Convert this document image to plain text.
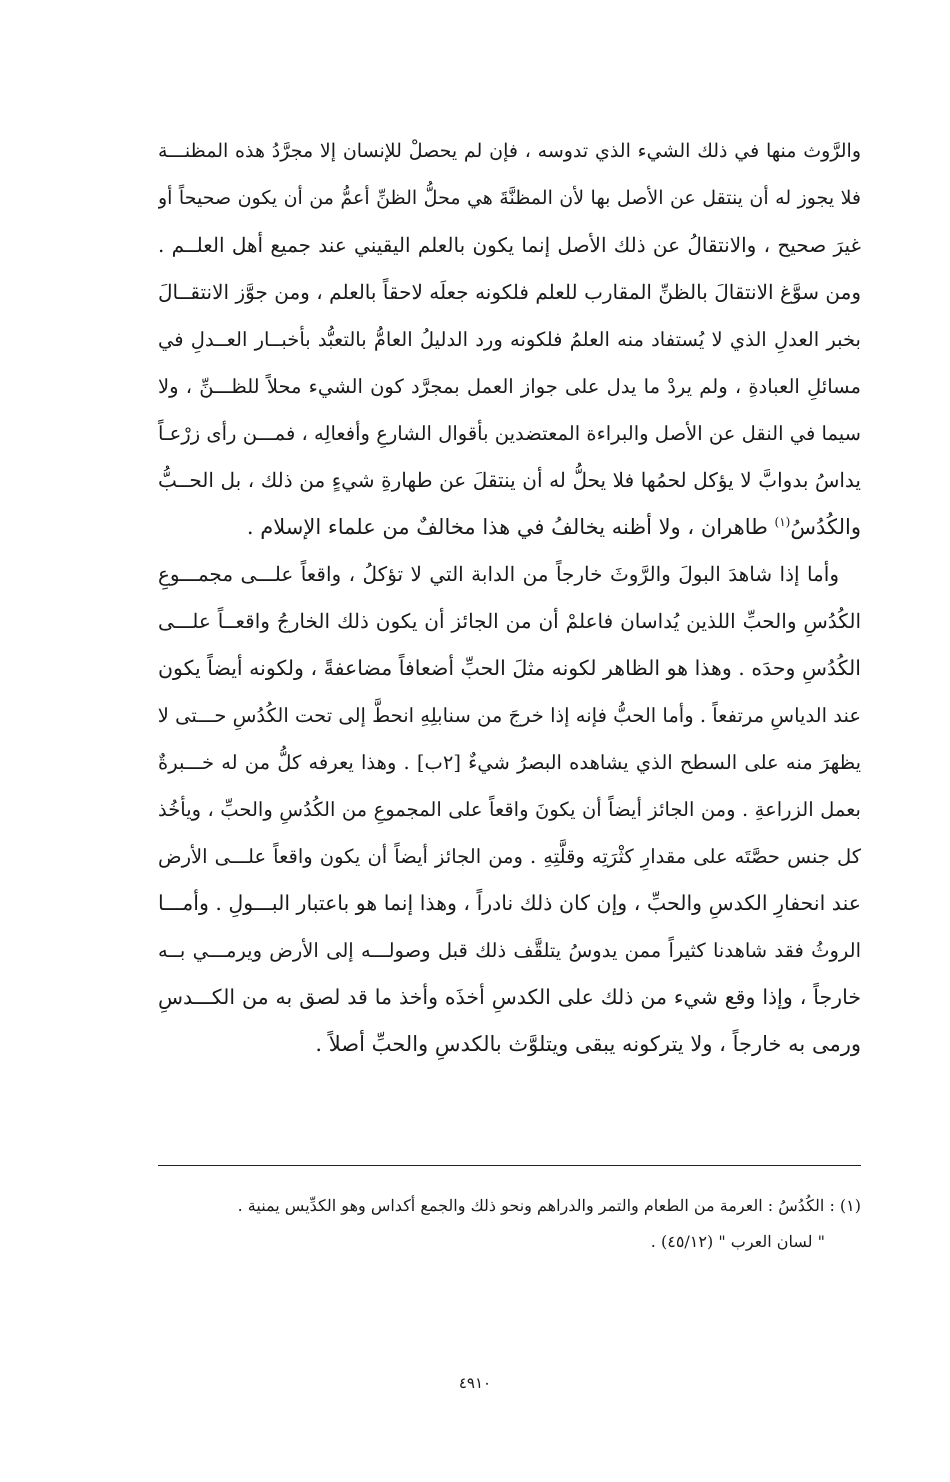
والرَّوث منها في ذلك الشيء الذي تدوسه ، فإن لم يحصلْ للإنسان إلا مجرَّدُ هذه المظنـــة
فلا يجوز له أن ينتقل عن الأصل بها لأن المظنَّةَ هي محلُّ الظنِّ أعمُّ من أن يكون صحيحاً أو
غيرَ صحيح ، والانتقالُ عن ذلك الأصل إنما يكون بالعلم اليقيني عند جميع أهل العلــم .
ومن سوَّغ الانتقالَ بالظنِّ المقارب للعلم فلكونه جعلَه لاحقاً بالعلم ، ومن جوَّز الانتقــالَ
بخبر العدلِ الذي لا يُستفاد منه العلمُ فلكونه ورد الدليلُ العامُّ بالتعبُّد بأخبــار العــدلِ في
مسائلِ العبادةِ ، ولم يردْ ما يدل على جواز العمل بمجرَّد كون الشيء محلاً للظـــنِّ ، ولا
سيما في النقل عن الأصل والبراءة المعتضدين بأقوال الشارعِ وأفعالِه ، فمـــن رأى زرْعـاً
يداسُ بدوابَّ لا يؤكل لحمُها فلا يحلُّ له أن ينتقلَ عن طهارةِ شيءٍ من ذلك ، بل الحــبُّ
والكُدُسُ$^{(١)}$ طاهران ، ولا أظنه يخالفُ في هذا مخالفٌ من علماء الإسلام .
وأما إذا شاهدَ البولَ والرَّوثَ خارجاً من الدابة التي لا تؤكلُ ، واقعاً علـــى مجمـــوعِ
الكُدُسِ والحبِّ اللذين يُداسان فاعلمْ أن من الجائز أن يكون ذلك الخارجُ واقعــاً علـــى
الكُدُسِ وحدَه . وهذا هو الظاهر لكونه مثلَ الحبِّ أضعافاً مضاعفةً ، ولكونه أيضاً يكون
عند الدياسِ مرتفعاً . وأما الحبُّ فإنه إذا خرجَ من سنابلِهِ انحطَّ إلى تحت الكُدُسِ حـــتى لا
يظهرَ منه على السطح الذي يشاهده البصرُ شيءٌ [٢ب] . وهذا يعرفه كلُّ من له خـــبرةٌ
بعمل الزراعةِ . ومن الجائز أيضاً أن يكونَ واقعاً على المجموعِ من الكُدُسِ والحبِّ ، ويأخُذ
كل جنس حصَّتَه على مقدارِ كثْرَتِه وقلَّتِهِ . ومن الجائز أيضاً أن يكون واقعاً علـــى الأرض
عند انحفارِ الكدسِ والحبِّ ، وإن كان ذلك نادراً ، وهذا إنما هو باعتبار البـــولِ . وأمـــا
الروثُ فقد شاهدنا كثيراً ممن يدوسُ يتلقَّف ذلك قبل وصولـــه إلى الأرض ويرمـــي بــه
خارجاً ، وإذا وقع شيء من ذلك على الكدسِ أخذَه وأخذ ما قد لصق به من الكـــدسِ
ورمى به خارجاً ، ولا يتركونه يبقى ويتلوَّث بالكدسِ والحبِّ أصلاً .
(١) : الكُدُسُ : العرمة من الطعام والتمر والدراهم ونحو ذلك والجمع أكداس وهو الكدِّيس يمنية .
" لسان العرب " (٤٥/١٢) .
٤٩١٠
